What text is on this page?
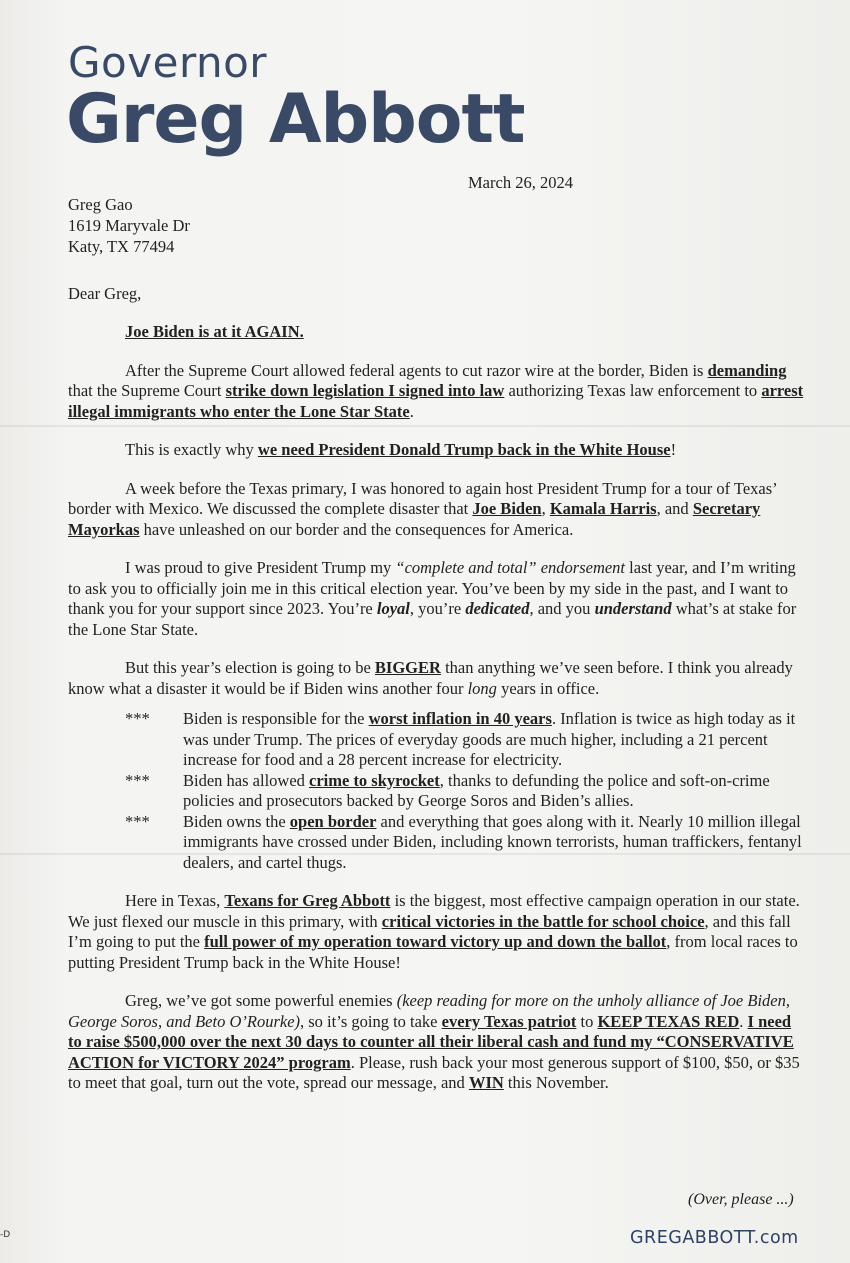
Governor
Greg Abbott
March 26, 2024
Greg Gao
1619 Maryvale Dr
Katy, TX 77494
Dear Greg,

Joe Biden is at it AGAIN.

After the Supreme Court allowed federal agents to cut razor wire at the border, Biden is demanding that the Supreme Court strike down legislation I signed into law authorizing Texas law enforcement to arrest illegal immigrants who enter the Lone Star State.

This is exactly why we need President Donald Trump back in the White House!

A week before the Texas primary, I was honored to again host President Trump for a tour of Texas’ border with Mexico. We discussed the complete disaster that Joe Biden, Kamala Harris, and Secretary Mayorkas have unleashed on our border and the consequences for America.

I was proud to give President Trump my “complete and total” endorsement last year, and I’m writing to ask you to officially join me in this critical election year. You’ve been by my side in the past, and I want to thank you for your support since 2023. You’re loyal, you’re dedicated, and you understand what’s at stake for the Lone Star State.

But this year’s election is going to be BIGGER than anything we’ve seen before. I think you already know what a disaster it would be if Biden wins another four long years in office.

***	Biden is responsible for the worst inflation in 40 years. Inflation is twice as high today as it was under Trump. The prices of everyday goods are much higher, including a 21 percent increase for food and a 28 percent increase for electricity.
***	Biden has allowed crime to skyrocket, thanks to defunding the police and soft-on-crime policies and prosecutors backed by George Soros and Biden’s allies.
***	Biden owns the open border and everything that goes along with it. Nearly 10 million illegal immigrants have crossed under Biden, including known terrorists, human traffickers, fentanyl dealers, and cartel thugs.

Here in Texas, Texans for Greg Abbott is the biggest, most effective campaign operation in our state. We just flexed our muscle in this primary, with critical victories in the battle for school choice, and this fall I’m going to put the full power of my operation toward victory up and down the ballot, from local races to putting President Trump back in the White House!

Greg, we’ve got some powerful enemies (keep reading for more on the unholy alliance of Joe Biden, George Soros, and Beto O’Rourke), so it’s going to take every Texas patriot to KEEP TEXAS RED. I need to raise $500,000 over the next 30 days to counter all their liberal cash and fund my “CONSERVATIVE ACTION for VICTORY 2024” program. Please, rush back your most generous support of $100, $50, or $35 to meet that goal, turn out the vote, spread our message, and WIN this November.

(Over, please ...)
GREGABBOTT.com
-D
